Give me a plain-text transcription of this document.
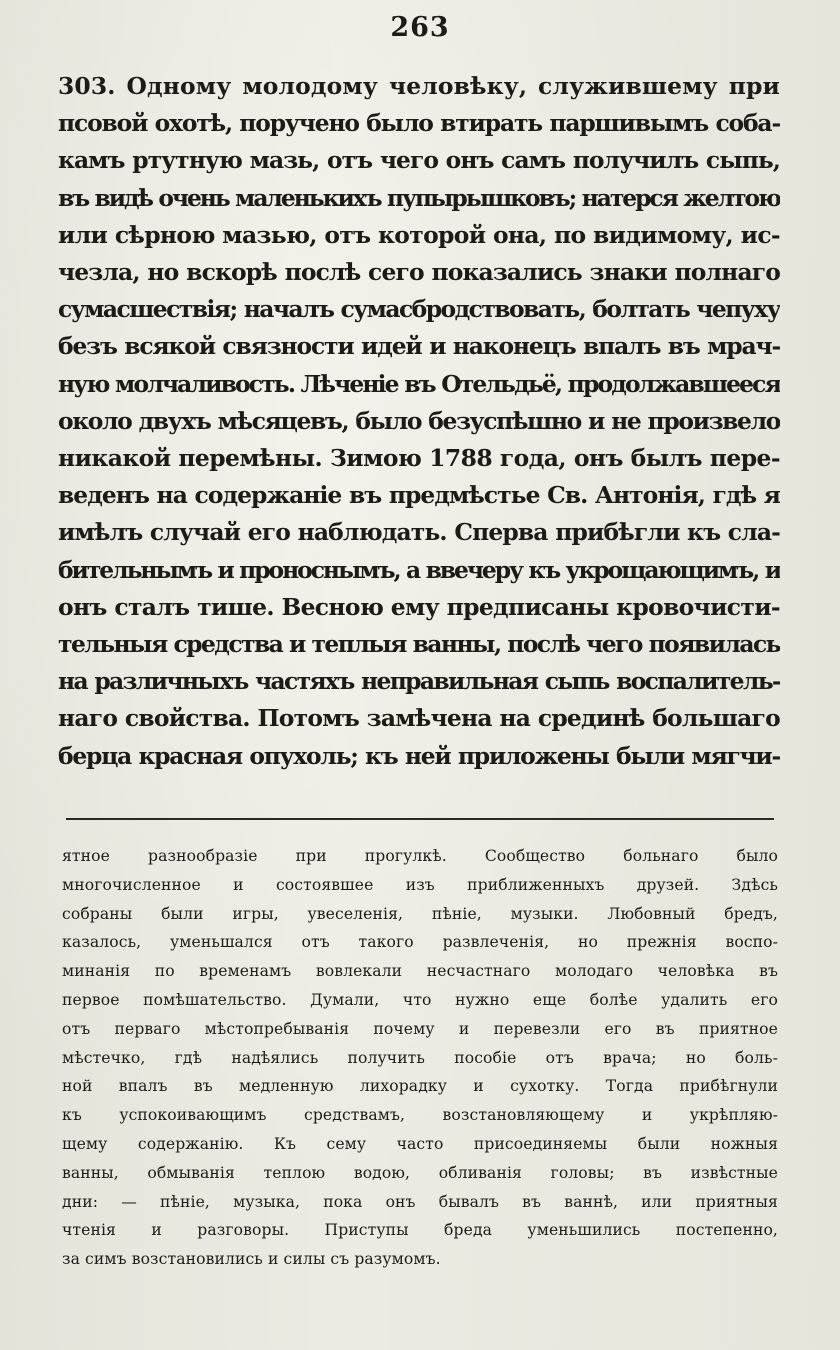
263
303. Одному молодому человѣку, служившему при
псовой охотѣ, поручено было втирать паршивымъ соба-
камъ ртутную мазь, отъ чего онъ самъ получилъ сыпь,
въ видѣ очень маленькихъ пупырышковъ; натерся желтою
или сѣрною мазью, отъ которой она, по видимому, ис-
чезла, но вскорѣ послѣ сего показались знаки полнаго
сумасшествія; началъ сумасбродствовать, болтать чепуху
безъ всякой связности идей и наконецъ впалъ въ мрач-
ную молчаливость. Лѣченіе въ Отельдьё, продолжавшееся
около двухъ мѣсяцевъ, было безуспѣшно и не произвело
никакой перемѣны. Зимою 1788 года, онъ былъ пере-
веденъ на содержаніе въ предмѣстье Св. Антонія, гдѣ я
имѣлъ случай его наблюдать. Сперва прибѣгли къ сла-
бительнымъ и проноснымъ, а ввечеру къ укрощающимъ, и
онъ сталъ тише. Весною ему предписаны кровочисти-
тельныя средства и теплыя ванны, послѣ чего появилась
на различныхъ частяхъ неправильная сыпь воспалитель-
наго свойства. Потомъ замѣчена на срединѣ большаго
берца красная опухоль; къ ней приложены были мягчи-
ятное разнообразіе при прогулкѣ. Сообщество больнаго было
многочисленное и состоявшее изъ приближенныхъ друзей. Здѣсь
собраны были игры, увеселенія, пѣніе, музыки. Любовный бредъ,
казалось, уменьшался отъ такого развлеченія, но прежнія воспо-
минанія по временамъ вовлекали несчастнаго молодаго человѣка въ
первое помѣшательство. Думали, что нужно еще болѣе удалить его
отъ перваго мѣстопребыванія почему и перевезли его въ приятное
мѣстечко, гдѣ надѣялись получить пособіе отъ врача; но боль-
ной впалъ въ медленную лихорадку и сухотку. Тогда прибѣгнули
къ успокоивающимъ средствамъ, возстановляющему и укрѣпляю-
щему содержанію. Къ сему часто присоединяемы были ножныя
ванны, обмыванія теплою водою, обливанія головы; въ извѣстные
дни: — пѣніе, музыка, пока онъ бывалъ въ ваннѣ, или приятныя
чтенія и разговоры. Приступы бреда уменьшились постепенно,
за симъ возстановились и силы съ разумомъ.
